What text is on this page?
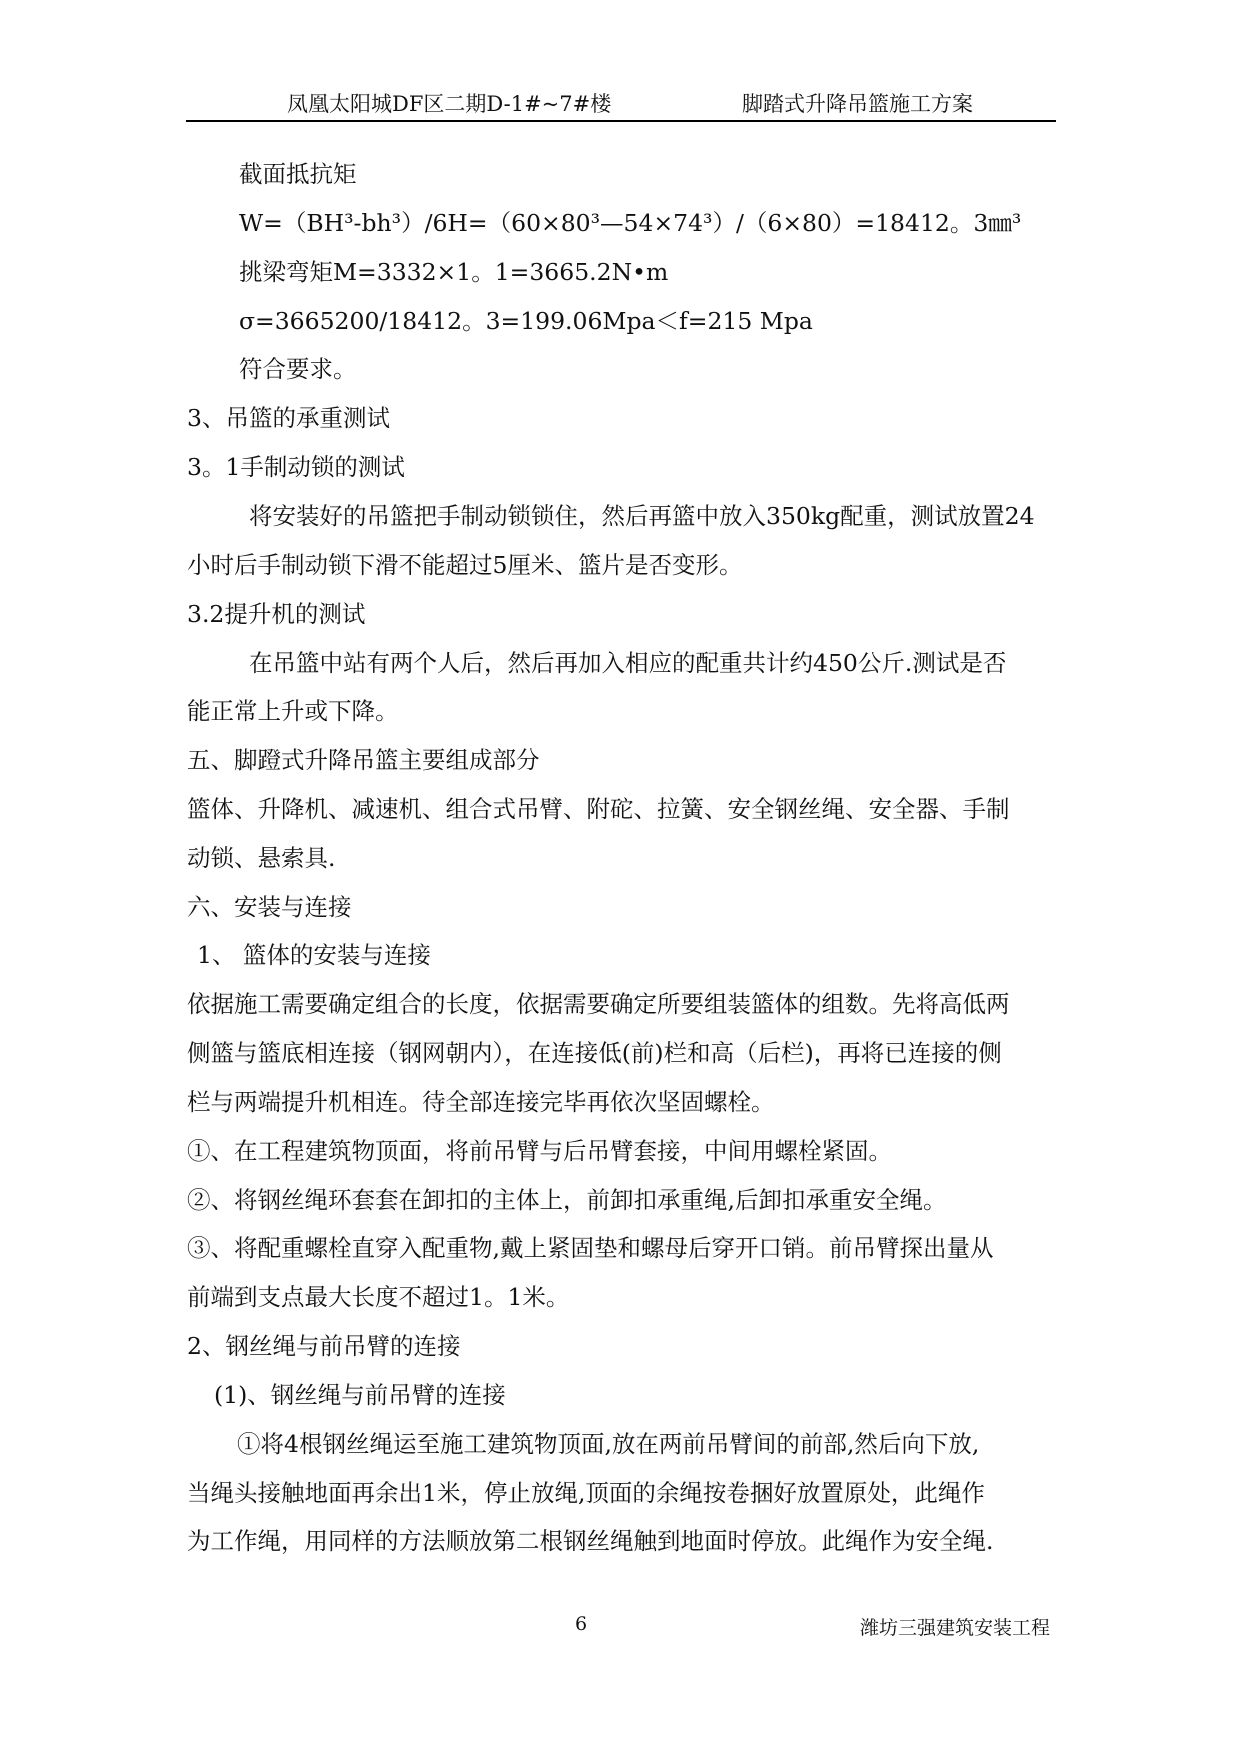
凤凰太阳城DF区二期D-1#~7#楼	脚踏式升降吊篮施工方案
截面抵抗矩
W=（BH³-bh³）/6H=（60×80³—54×74³）/（6×80）=18412。3㎜³
挑梁弯矩M=3332×1。1=3665.2N•m
σ=3665200/18412。3=199.06Mpa＜f=215 Mpa
符合要求。
3、吊篮的承重测试
3。1手制动锁的测试
将安装好的吊篮把手制动锁锁住，然后再篮中放入350kg配重，测试放置24
小时后手制动锁下滑不能超过5厘米、篮片是否变形。
3.2提升机的测试
在吊篮中站有两个人后，然后再加入相应的配重共计约450公斤.测试是否
能正常上升或下降。
五、脚蹬式升降吊篮主要组成部分
篮体、升降机、减速机、组合式吊臂、附砣、拉簧、安全钢丝绳、安全器、手制
动锁、悬索具.
六、安装与连接
1、 篮体的安装与连接
依据施工需要确定组合的长度，依据需要确定所要组装篮体的组数。先将高低两
侧篮与篮底相连接（钢网朝内），在连接低(前)栏和高（后栏)，再将已连接的侧
栏与两端提升机相连。待全部连接完毕再依次坚固螺栓。
①、在工程建筑物顶面，将前吊臂与后吊臂套接，中间用螺栓紧固。
②、将钢丝绳环套套在卸扣的主体上，前卸扣承重绳,后卸扣承重安全绳。
③、将配重螺栓直穿入配重物,戴上紧固垫和螺母后穿开口销。前吊臂探出量从
前端到支点最大长度不超过1。1米。
2、钢丝绳与前吊臂的连接
(1)、钢丝绳与前吊臂的连接
①将4根钢丝绳运至施工建筑物顶面,放在两前吊臂间的前部,然后向下放,
当绳头接触地面再余出1米，停止放绳,顶面的余绳按卷捆好放置原处，此绳作
为工作绳，用同样的方法顺放第二根钢丝绳触到地面时停放。此绳作为安全绳.
6	潍坊三强建筑安装工程
